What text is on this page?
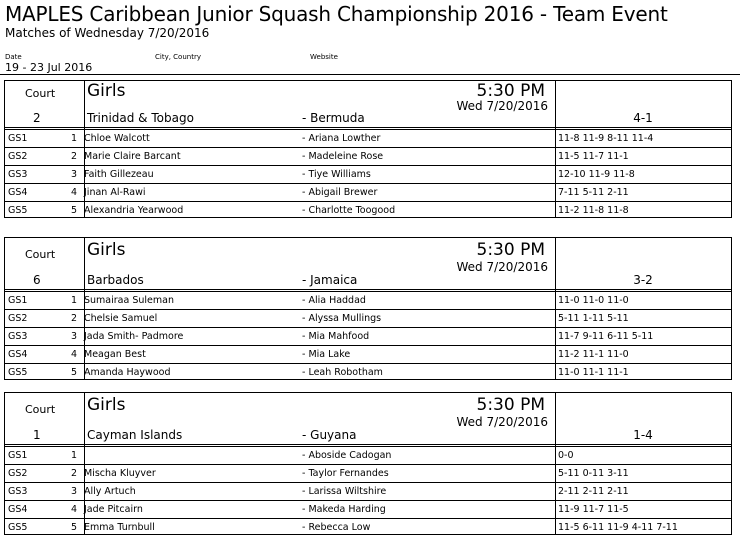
MAPLES Caribbean Junior Squash Championship 2016 - Team Event
Matches of Wednesday 7/20/2016
Date	City, Country	Website
19 - 23 Jul 2016
Court
2
Girls	5:30 PM
Wed 7/20/2016
Trinidad & Tobago	- Bermuda	4-1
GS1	1 Chloe Walcott	- Ariana Lowther	11-8 11-9 8-11 11-4
GS2	2 Marie Claire Barcant	- Madeleine Rose	11-5 11-7 11-1
GS3	3 Faith Gillezeau	- Tiye Williams	12-10 11-9 11-8
GS4	4 Jinan Al-Rawi	- Abigail Brewer	7-11 5-11 2-11
GS5	5 Alexandria Yearwood	- Charlotte Toogood	11-2 11-8 11-8
Court
6
Girls	5:30 PM
Wed 7/20/2016
Barbados	- Jamaica	3-2
GS1	1 Sumairaa Suleman	- Alia Haddad	11-0 11-0 11-0
GS2	2 Chelsie Samuel	- Alyssa Mullings	5-11 1-11 5-11
GS3	3 Jada Smith- Padmore	- Mia Mahfood	11-7 9-11 6-11 5-11
GS4	4 Meagan Best	- Mia Lake	11-2 11-1 11-0
GS5	5 Amanda Haywood	- Leah Robotham	11-0 11-1 11-1
Court
1
Girls	5:30 PM
Wed 7/20/2016
Cayman Islands	- Guyana	1-4
GS1	1	- Aboside Cadogan	0-0
GS2	2 Mischa Kluyver	- Taylor Fernandes	5-11 0-11 3-11
GS3	3 Ally Artuch	- Larissa Wiltshire	2-11 2-11 2-11
GS4	4 Jade Pitcairn	- Makeda Harding	11-9 11-7 11-5
GS5	5 Emma Turnbull	- Rebecca Low	11-5 6-11 11-9 4-11 7-11
